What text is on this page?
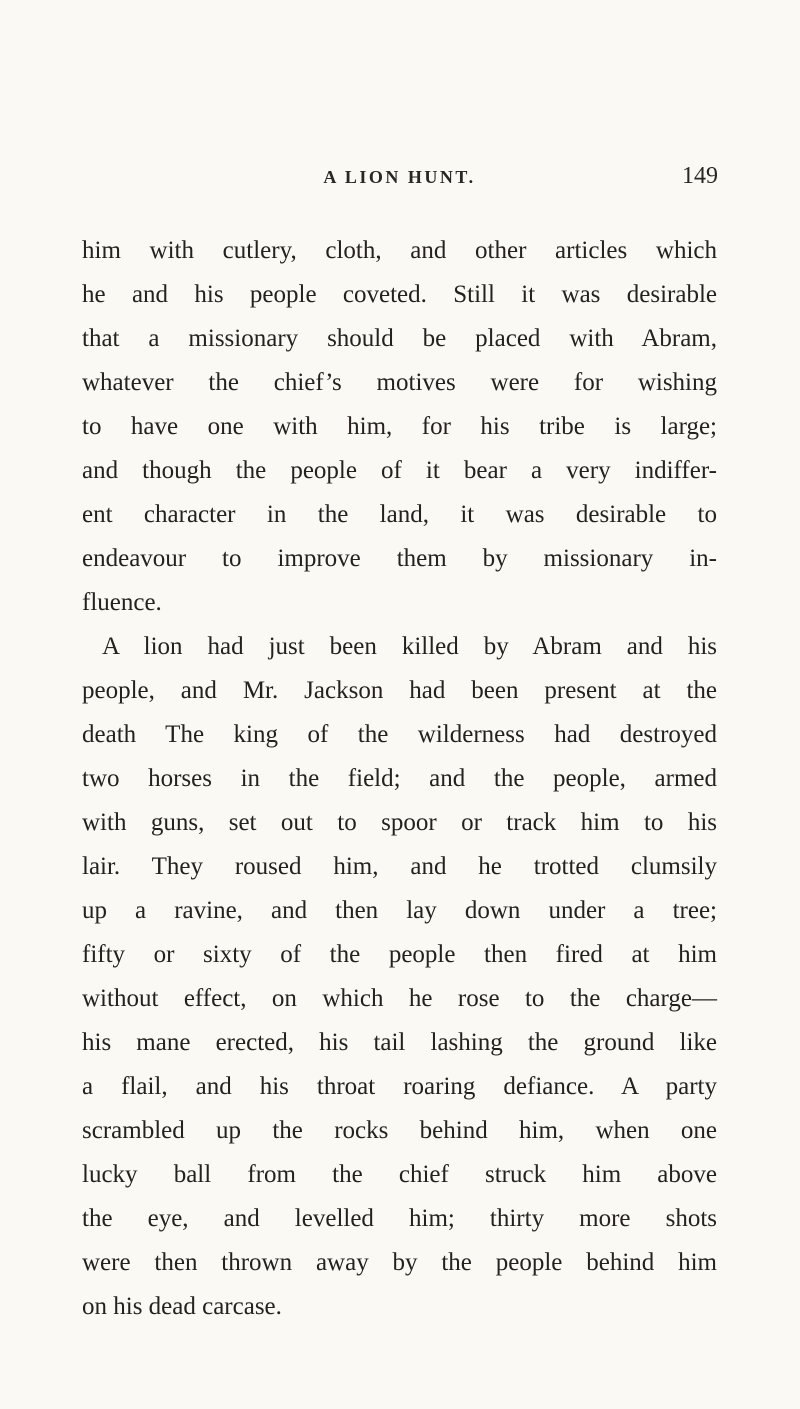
A LION HUNT.	149
him with cutlery, cloth, and other articles which
he and his people coveted. Still it was desirable
that a missionary should be placed with Abram,
whatever the chief’s motives were for wishing
to have one with him, for his tribe is large;
and though the people of it bear a very indiffer-
ent character in the land, it was desirable to
endeavour to improve them by missionary in-
fluence.
A lion had just been killed by Abram and his
people, and Mr. Jackson had been present at the
death The king of the wilderness had destroyed
two horses in the field; and the people, armed
with guns, set out to spoor or track him to his
lair. They roused him, and he trotted clumsily
up a ravine, and then lay down under a tree;
fifty or sixty of the people then fired at him
without effect, on which he rose to the charge—
his mane erected, his tail lashing the ground like
a flail, and his throat roaring defiance. A party
scrambled up the rocks behind him, when one
lucky ball from the chief struck him above
the eye, and levelled him; thirty more shots
were then thrown away by the people behind him
on his dead carcase.
